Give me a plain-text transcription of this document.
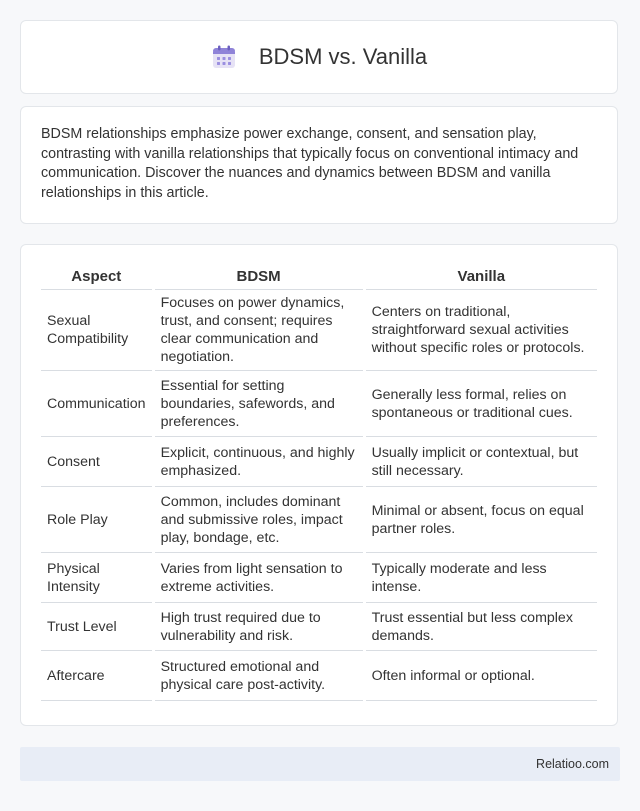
BDSM vs. Vanilla

BDSM relationships emphasize power exchange, consent, and sensation play, contrasting with vanilla relationships that typically focus on conventional intimacy and communication. Discover the nuances and dynamics between BDSM and vanilla relationships in this article.

Aspect	BDSM	Vanilla
Sexual Compatibility	Focuses on power dynamics, trust, and consent; requires clear communication and negotiation.	Centers on traditional, straightforward sexual activities without specific roles or protocols.
Communication	Essential for setting boundaries, safewords, and preferences.	Generally less formal, relies on spontaneous or traditional cues.
Consent	Explicit, continuous, and highly emphasized.	Usually implicit or contextual, but still necessary.
Role Play	Common, includes dominant and submissive roles, impact play, bondage, etc.	Minimal or absent, focus on equal partner roles.
Physical Intensity	Varies from light sensation to extreme activities.	Typically moderate and less intense.
Trust Level	High trust required due to vulnerability and risk.	Trust essential but less complex demands.
Aftercare	Structured emotional and physical care post-activity.	Often informal or optional.
Relatioo.com
